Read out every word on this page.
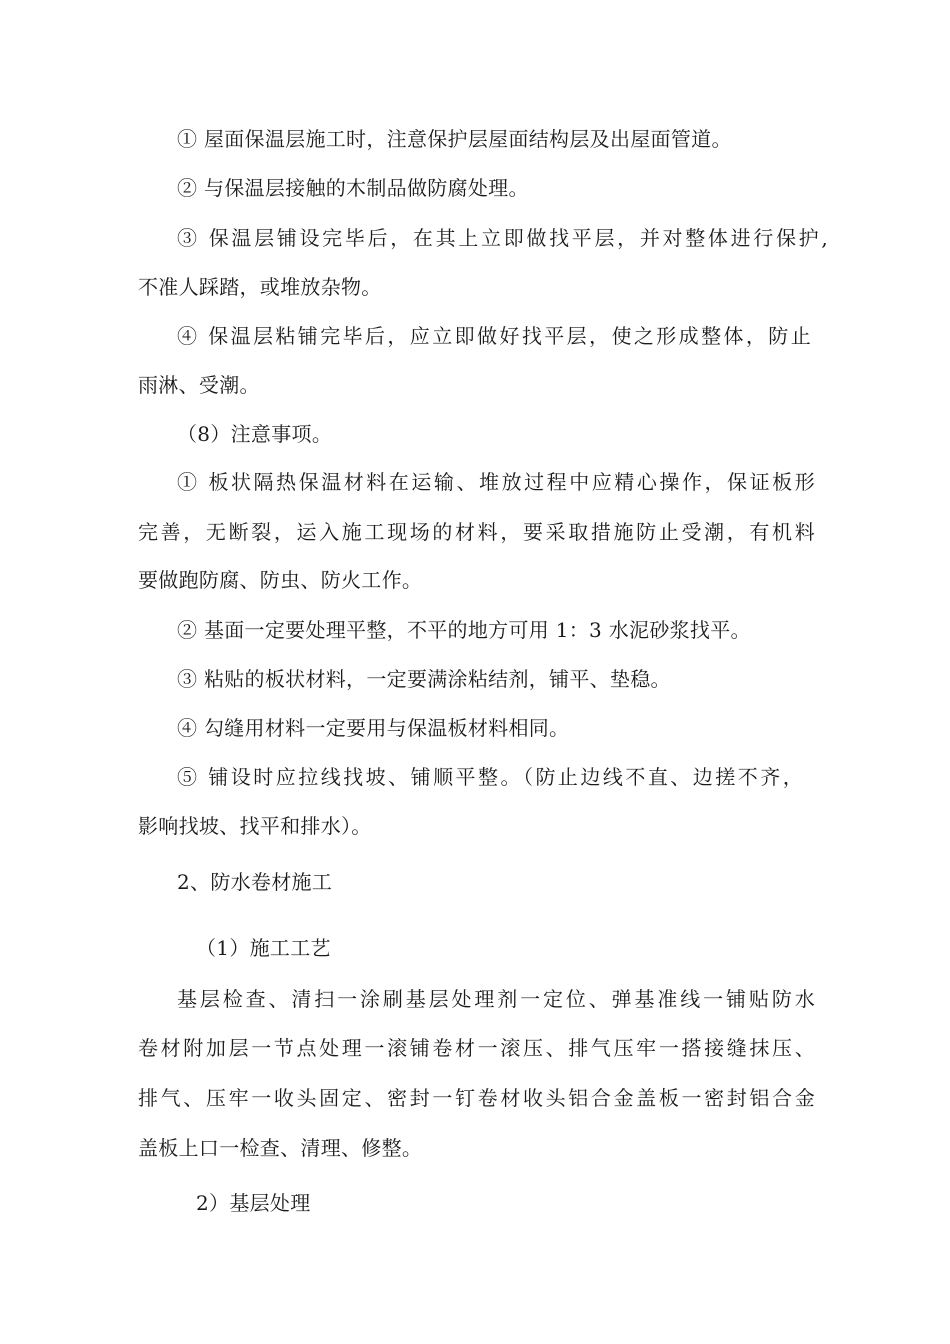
① 屋面保温层施工时，注意保护层屋面结构层及出屋面管道。
② 与保温层接触的木制品做防腐处理。
③ 保温层铺设完毕后，在其上立即做找平层，并对整体进行保护,
不准人踩踏，或堆放杂物。
④ 保温层粘铺完毕后，应立即做好找平层，使之形成整体，防止
雨淋、受潮。
（8）注意事项。
① 板状隔热保温材料在运输、堆放过程中应精心操作，保证板形
完善，无断裂，运入施工现场的材料，要采取措施防止受潮，有机料
要做跑防腐、防虫、防火工作。
② 基面一定要处理平整，不平的地方可用 1：3 水泥砂浆找平。
③ 粘贴的板状材料，一定要满涂粘结剂，铺平、垫稳。
④ 勾缝用材料一定要用与保温板材料相同。
⑤ 铺设时应拉线找坡、铺顺平整。（防止边线不直、边搓不齐，
影响找坡、找平和排水）。
2、防水卷材施工
（1）施工工艺
基层检查、清扫一涂刷基层处理剂一定位、弹基准线一铺贴防水
卷材附加层一节点处理一滚铺卷材一滚压、排气压牢一搭接缝抹压、
排气、压牢一收头固定、密封一钉卷材收头铝合金盖板一密封铝合金
盖板上口一检查、清理、修整。
2）基层处理
